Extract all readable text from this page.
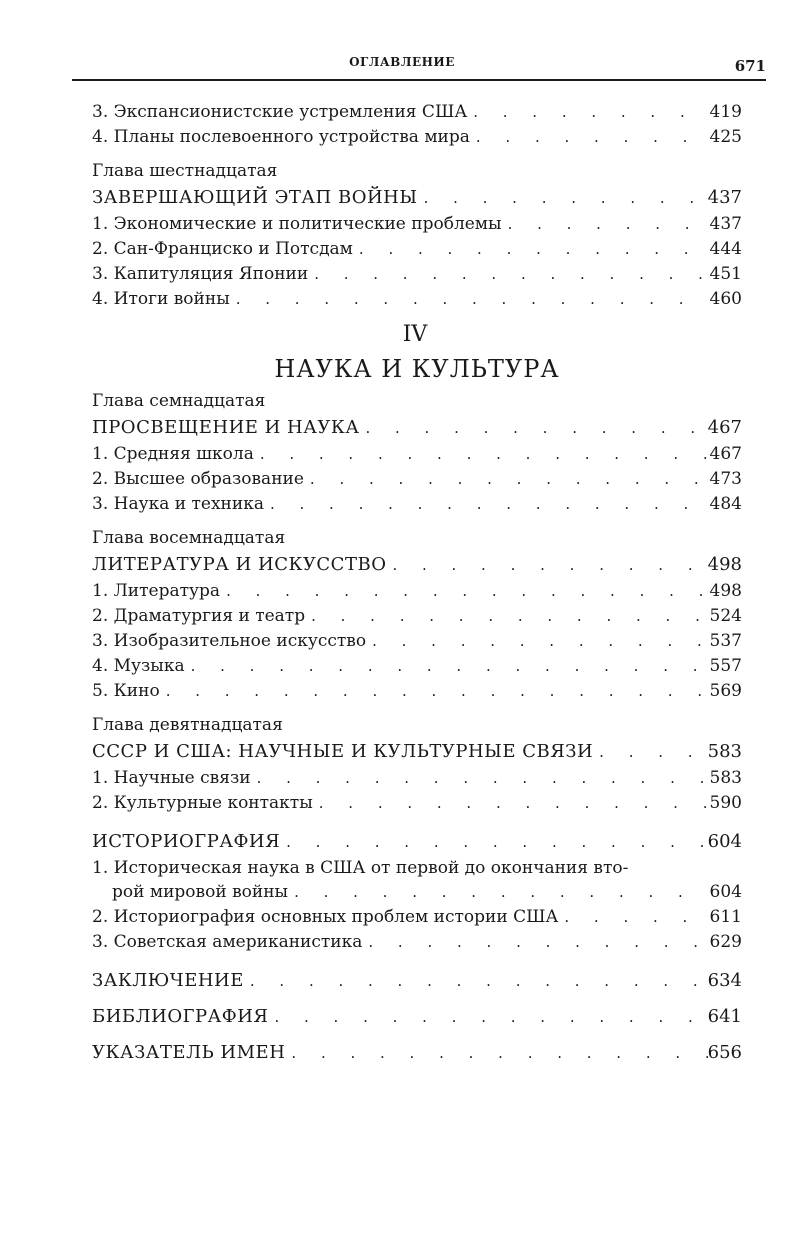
ОГЛАВЛЕНИЕ	671
3. Экспансионистские устремления США . . .	419
4. Планы послевоенного устройства мира . . .	425
Глава шестнадцатая
ЗАВЕРШАЮЩИЙ ЭТАП ВОЙНЫ . . .	437
1. Экономические и политические проблемы . . .	437
2. Сан-Франциско и Потсдам . . .	444
3. Капитуляция Японии . . .	451
4. Итоги войны . . .	460
IV
НАУКА И КУЛЬТУРА
Глава семнадцатая
ПРОСВЕЩЕНИЕ И НАУКА . . .	467
1. Средняя школа . . .	467
2. Высшее образование . . .	473
3. Наука и техника . . .	484
Глава восемнадцатая
ЛИТЕРАТУРА И ИСКУССТВО . . .	498
1. Литература . . .	498
2. Драматургия и театр . . .	524
3. Изобразительное искусство . . .	537
4. Музыка . . .	557
5. Кино . . .	569
Глава девятнадцатая
СССР И США: НАУЧНЫЕ И КУЛЬТУРНЫЕ СВЯЗИ . . .	583
1. Научные связи . . .	583
2. Культурные контакты . . .	590
ИСТОРИОГРАФИЯ . . .	604
1. Историческая наука в США от первой до окончания вто-
рой мировой войны . . .	604
2. Историография основных проблем истории США . . .	611
3. Советская американистика . . .	629
ЗАКЛЮЧЕНИЕ . . .	634
БИБЛИОГРАФИЯ . . .	641
УКАЗАТЕЛЬ ИМЕН . . .	656
